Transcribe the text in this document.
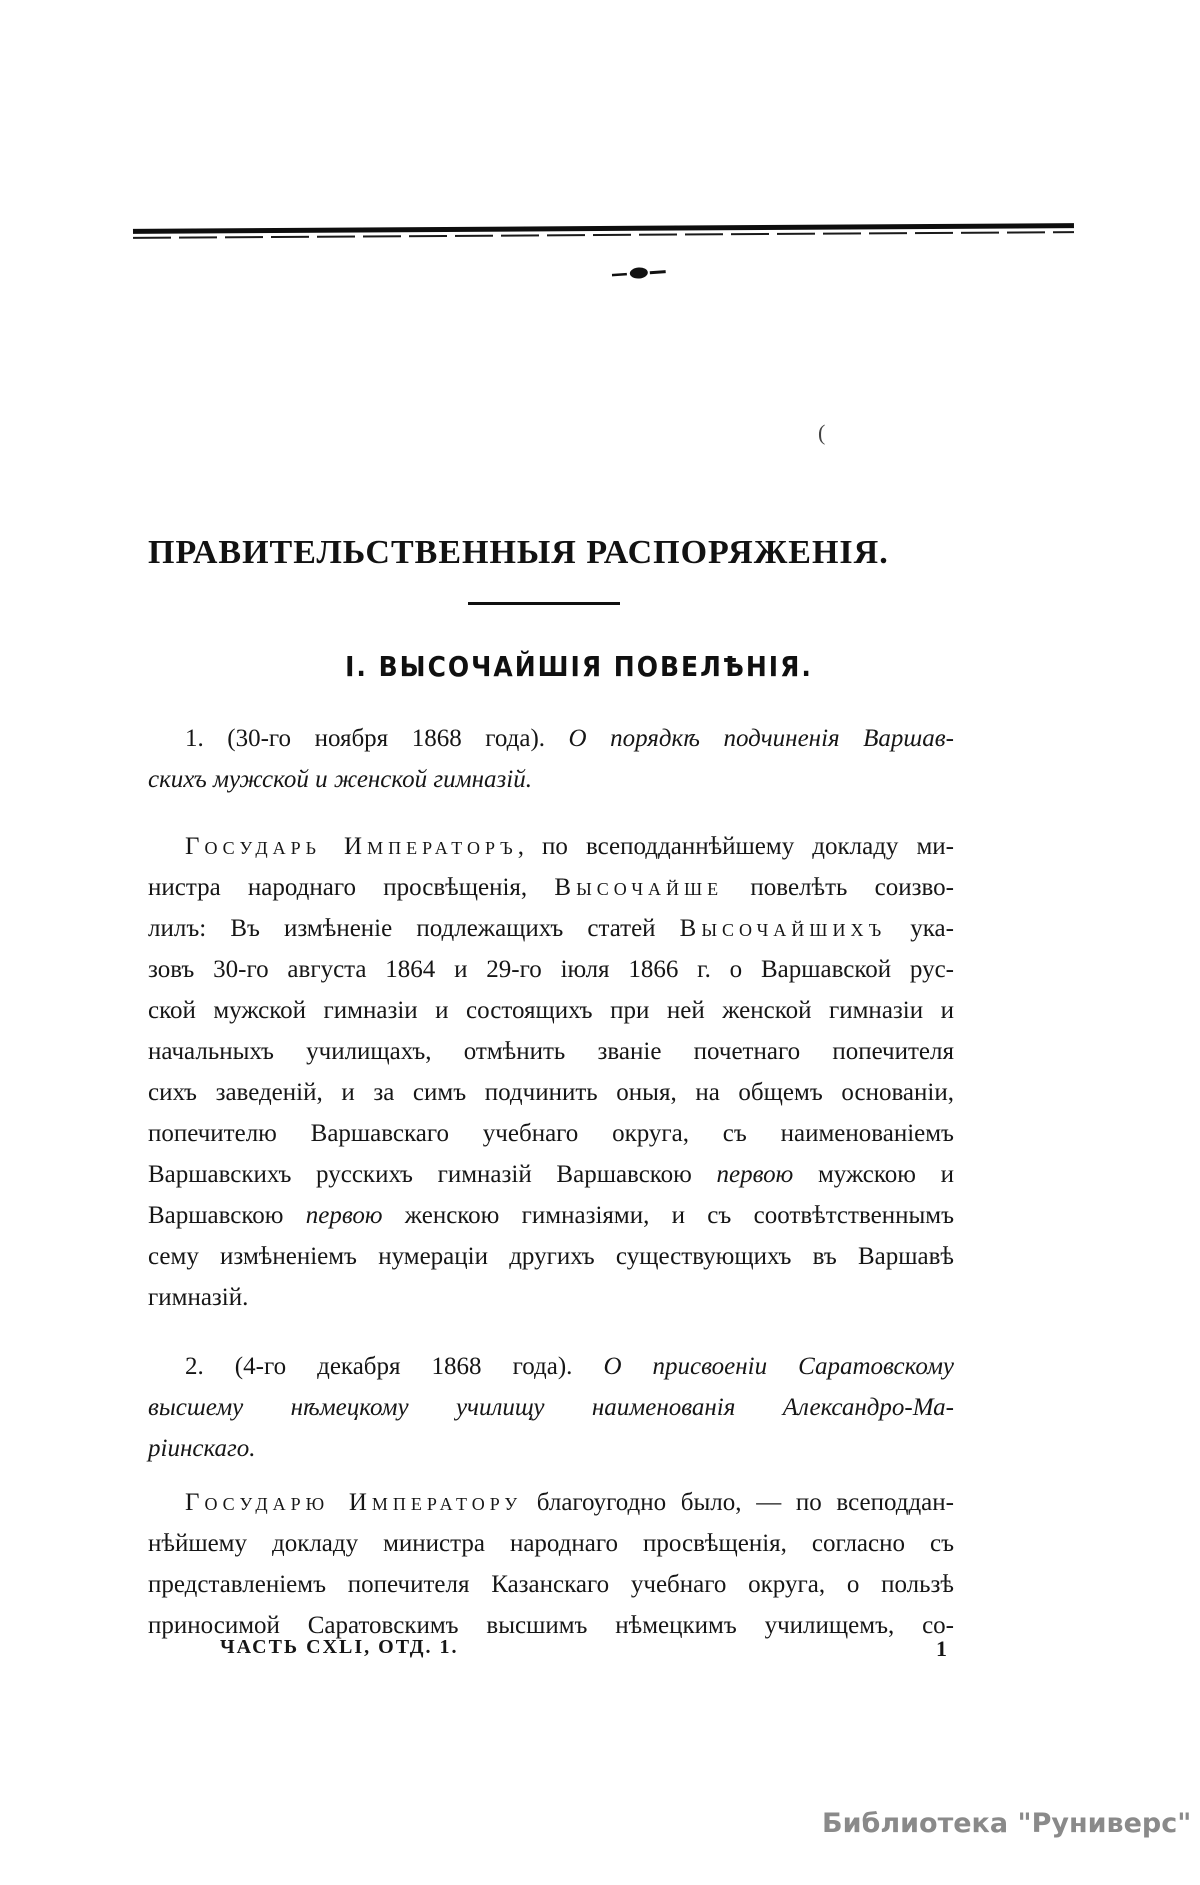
(
ПРАВИТЕЛЬСТВЕННЫЯ РАСПОРЯЖЕНІЯ.
І. ВЫСОЧАЙШІЯ ПОВЕЛѢНІЯ.
1. (30-го ноября 1868 года). О порядкѣ подчиненія Варшав-
скихъ мужской и женской гимназій.
Государь Императоръ, по всеподданнѣйшему докладу ми-
нистра народнаго просвѣщенія, Высочайше повелѣть соизво-
лилъ: Въ измѣненіе подлежащихъ статей Высочайшихъ ука-
зовъ 30-го августа 1864 и 29-го іюля 1866 г. о Варшавской рус-
ской мужской гимназіи и состоящихъ при ней женской гимназіи и
начальныхъ училищахъ, отмѣнить званіе почетнаго попечителя
сихъ заведеній, и за симъ подчинить оныя, на общемъ основаніи,
попечителю Варшавскаго учебнаго округа, съ наименованіемъ
Варшавскихъ русскихъ гимназій Варшавскою первою мужскою и
Варшавскою первою женскою гимназіями, и съ соотвѣтственнымъ
сему измѣненіемъ нумераціи другихъ существующихъ въ Варшавѣ
гимназій.
2. (4-го декабря 1868 года). О присвоеніи Саратовскому
высшему нѣмецкому училищу наименованія Александро-Ма-
ріинскаго.
Государю Императору благоугодно было, — по всеподдан-
нѣйшему докладу министра народнаго просвѣщенія, согласно съ
представленіемъ попечителя Казанскаго учебнаго округа, о пользѣ
приносимой Саратовскимъ высшимъ нѣмецкимъ училищемъ, со-
ЧАСТЬ CXLI, ОТД. 1.	1
Библиотека "Руниверс"
